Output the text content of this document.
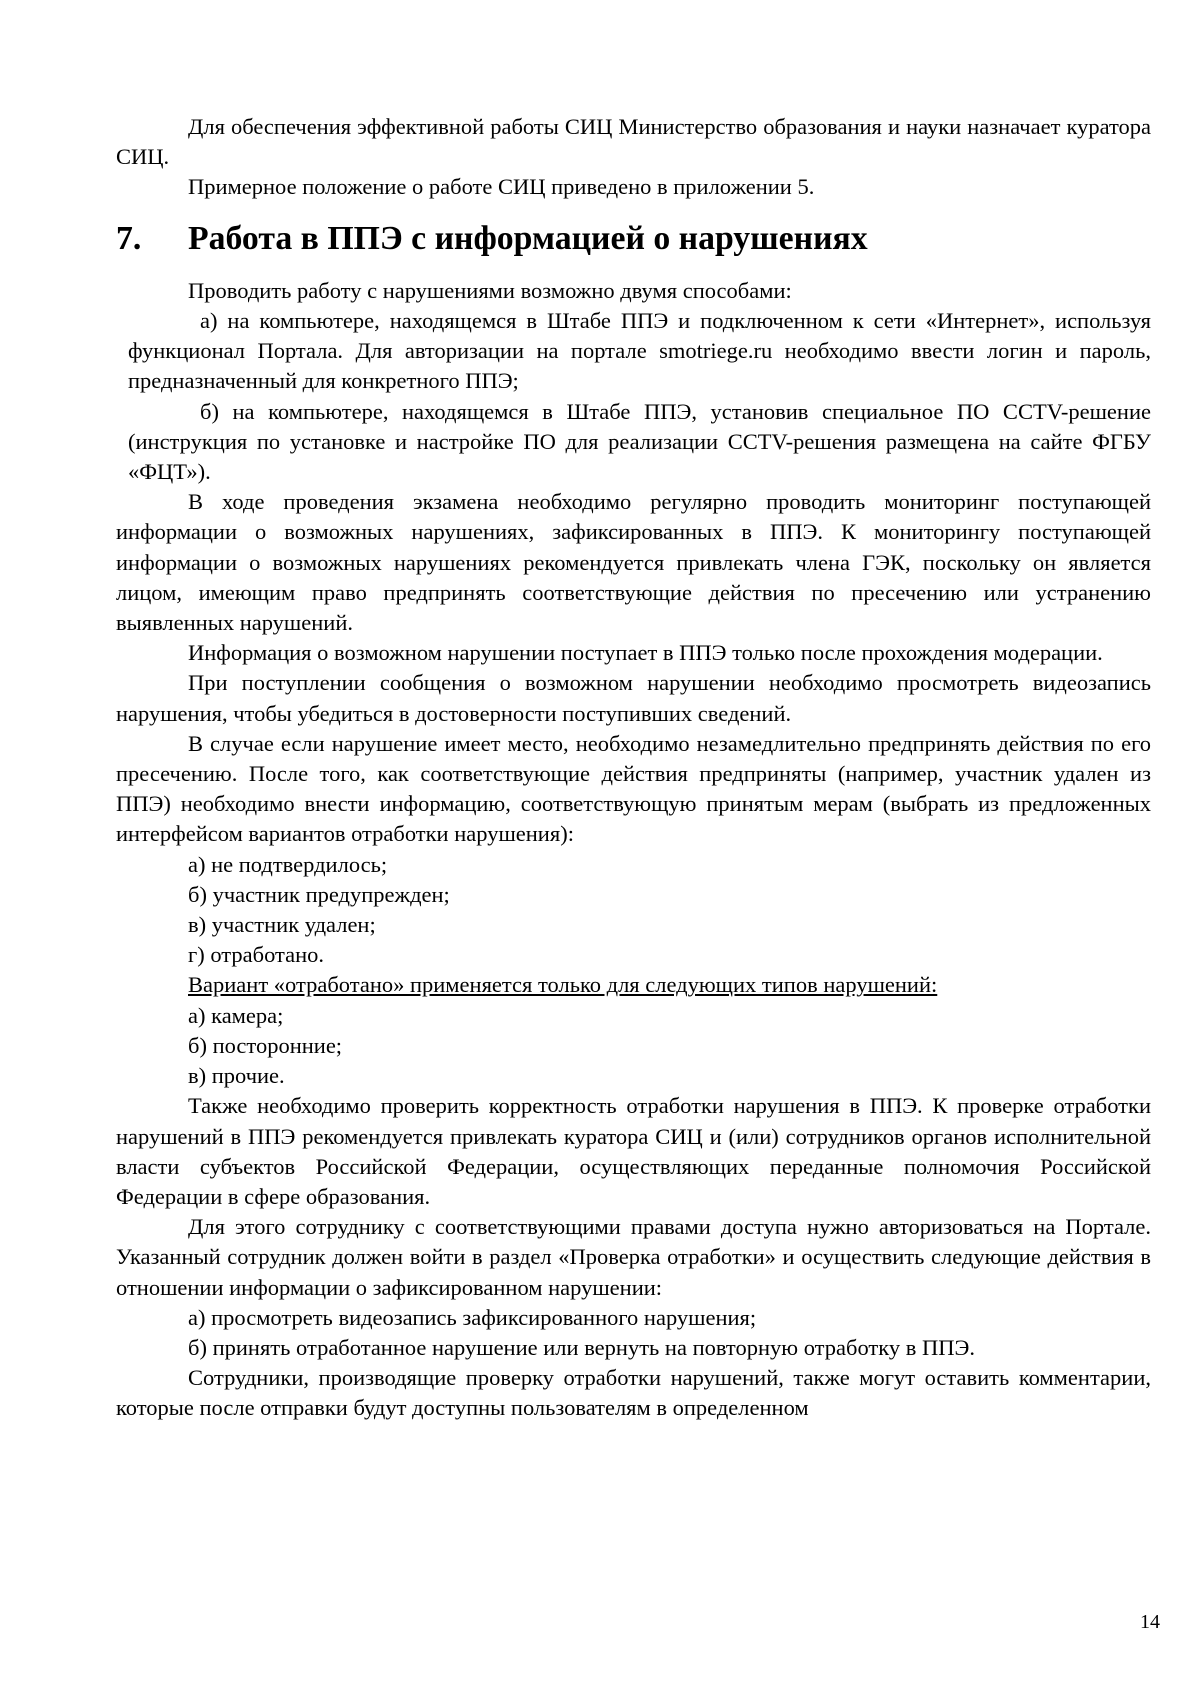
Для обеспечения эффективной работы СИЦ Министерство образования и науки назначает куратора СИЦ.

Примерное положение о работе СИЦ приведено в приложении 5.

7.	Работа в ППЭ с информацией о нарушениях

Проводить работу с нарушениями возможно двумя способами:

а) на компьютере, находящемся в Штабе ППЭ и подключенном к сети «Интернет», используя функционал Портала. Для авторизации на портале smotriege.ru необходимо ввести логин и пароль, предназначенный для конкретного ППЭ;

б) на компьютере, находящемся в Штабе ППЭ, установив специальное ПО CCTV-решение (инструкция по установке и настройке ПО для реализации CCTV-решения размещена на сайте ФГБУ «ФЦТ»).

В ходе проведения экзамена необходимо регулярно проводить мониторинг поступающей информации о возможных нарушениях, зафиксированных в ППЭ. К мониторингу поступающей информации о возможных нарушениях рекомендуется привлекать члена ГЭК, поскольку он является лицом, имеющим право предпринять соответствующие действия по пресечению или устранению выявленных нарушений.

Информация о возможном нарушении поступает в ППЭ только после прохождения модерации.

При поступлении сообщения о возможном нарушении необходимо просмотреть видеозапись нарушения, чтобы убедиться в достоверности поступивших сведений.

В случае если нарушение имеет место, необходимо незамедлительно предпринять действия по его пресечению. После того, как соответствующие действия предприняты (например, участник удален из ППЭ) необходимо внести информацию, соответствующую принятым мерам (выбрать из предложенных интерфейсом вариантов отработки нарушения):

а) не подтвердилось;

б) участник предупрежден;

в) участник удален;

г) отработано.

Вариант «отработано» применяется только для следующих типов нарушений:

а) камера;

б) посторонние;

в) прочие.

Также необходимо проверить корректность отработки нарушения в ППЭ. К проверке отработки нарушений в ППЭ рекомендуется привлекать куратора СИЦ и (или) сотрудников органов исполнительной власти субъектов Российской Федерации, осуществляющих переданные полномочия Российской Федерации в сфере образования.

Для этого сотруднику с соответствующими правами доступа нужно авторизоваться на Портале. Указанный сотрудник должен войти в раздел «Проверка отработки» и осуществить следующие действия в отношении информации о зафиксированном нарушении:

а) просмотреть видеозапись зафиксированного нарушения;

б) принять отработанное нарушение или вернуть на повторную отработку в ППЭ.

Сотрудники, производящие проверку отработки нарушений, также могут оставить комментарии, которые после отправки будут доступны пользователям в определенном

14
